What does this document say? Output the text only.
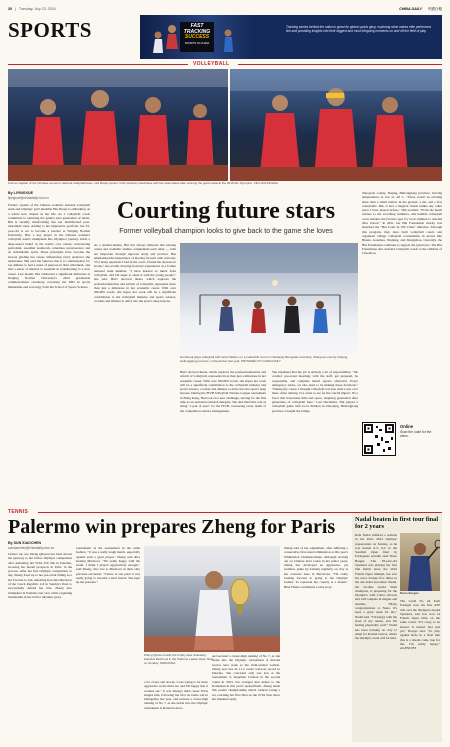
20 | Tuesday, July 23, 2024	CHINA DAILY 中國日報
SPORTS	FAST
TRACKING
SUCCESS
SPORTS IN CHINA
Tracking stories behind the nation's quest for global sports glory, exploring what makes elite performers tick and providing insights into their biggest and most intriguing moments on and off the field of play.
VOLLEYBALL
Former captain of the Chinese women's national volleyball team, Hui Ruoqi (center, both pictures) celebrates with her teammates after winning the gold medal at the 2016 Rio Olympics. XIN HUA/XINHUA
By LIYINGXUE
liyingxue@chinadaily.com.cn	Courting future stars
Former volleyball champion looks to give back to the game she loves
Former captain of the Chinese women's national volleyball team and Olympic gold medalist Hui Ruoqi is embarking on a whole new chapter in her life. As a volleyball coach committed to nurturing the game's next generation of talent, Hui is steadily transforming into her multifaceted post-retirement roles. Adding to her impressive portfolio, the 33-year-old is set to become a teacher at Nanjing Normal University. Hui, a key player in the Chinese women's volleyball team's triumphant Rio Olympics journey, holds a deep-seated belief in the team's core values: unwavering patriotism, steadfast teamwork, relentless perseverance and an indomitable spirit. These principles have become the beacon guiding her career, influencing every endeavor she undertakes. Hui said she believes that it is commonplace for top athletes to feel a sense of purpose in their retirement, and that a sense of mission is essential in transitioning to a new career. Last month, Hui celebrated a significant milestone at Nanjing Normal University's 2024 graduation commencement ceremony, receiving her PhD in sports humanities and sociology from the School of Sports Science.
As a student-athlete, Hui has always believed that sharing career and academic studies complement each other — both are important through rigorous study and practice. Hui emphasized the importance of moving forward with curiosity. "For many questions I had in the court, I found the answers in books," she recalls, drawing from her experiences as a former national team member. "I have learned so much from volleyball, and I'm eager to share it with the young people," she said. Hui's doctoral thesis, which explores the professionalization and reform of volleyball, represents more than just a milestone in her academic career. With over 200,000 words, she hopes her work will be a significant contribution to the volleyball industry and sports science, coaches and athletes to delve into the sport's deep lessons.
Hui Ruoqi plays volleyball with local children on a makeshift court in Chaoliang Mongolian township, Zhaoyuan county, Daqing, Heilongjiang province, in December last year. PROVIDED TO CHINA DAILY
Hui's doctoral thesis, which explores the professionalization and reform of volleyball, represents more than just a milestone in her academic career. With over 200,000 words, she hopes her work will be a significant contribution to the volleyball industry and sports science, coaches and athletes to delve into the sport's deep lessons. During the FIVB Volleyball Nations League tournament in Hong Kong, Hui took on a new challenge, serving for the first time as an assistant technical delegate. She described this role as being "a pair of eyes" for the FIVB, overseeing every detail of the competition venue's management.
She explained that the job is entirely a lot of responsibility. "We conduct pre-event meetings with the staff, get prepared, be responsible, and complete match reports afterward. Every emergency arises, we also need to be making these decisions." "During my career, I thought volleyball was just what I saw over there. After retiring, I've come to see for the crucial impact. It's a favor that transcends time and space, inspiring generation after generation of volleyball fans." Last December, Hui played a volleyball game with local children in Zhaoqing, Heilongjiang province, brought the bridge.
Zhaoyuan county, Daqing, Heilongjiang province, braving temperatures as low as -20 C. "There wasn't an exciting more than a small hollow in the ground, a net, and a few volleyballs. But, it had a magical charm unlike any other place I have played before," Hui recalled. "From the harsh winters to the scorching summers, this humble volleyball court remains the favorite spot for local children to unwind after school." In 2021, her Hui Foundation charity was launched the "Hui Court in 100 Cities" initiative. Through this program, they have built volleyball courts and organized village volleyball tournaments in places like Hunan, Ganzhou, Xinjiang, and Zhengzhou. Currently, the Hui Foundation continues to support the grassroots. The Hui Foundation also donated volleyball courts to the children of Chaozhou.
Online
Scan the code for the video.
TENNIS
Palermo win prepares Zheng for Paris
By SUN XIAOCHEN
sunxiaochen@chinadaily.com.cn
China's top ace Zheng Qinwen has been shown the gateway to her fellow Olympic competition after defending her WTA 250 title in Palermo, boosting her medal prospects in Paris, in the process. After her first Olympic competition so day, Zheng lived up to her pre-event billing as a hot favorite to win, defeating Karolina Muchova of the Czech Republic 2-6 in Sunday's final to successfully defend her title. Zheng also triumphed in Palermo last year while regaining momentum in her bid for Olympic glory.
tournament as the tournament in the same fashion. "It was a really tough match, especially against such a great player," Zheng said after beating Muchova. "I'm really happy with the result. I think I played aggressively enough," said Zheng, who lost to Muchova in their only previous encounter. "I knew at one point it was really going to become a hard match. She kept up the pressure."
Zheng Qinwen holds the trophy after defeating Karolina Muchova in the Palermo Ladies Open final on Sunday. SIPA/ANSA
a lot of ups and downs. I was trying to be more aggressive in the third set, and I'm happy that it worked out." It was Zheng's third career WTA singles title, following her first on home soil in Zhengzhou last year, and secured a career-high ranking of No 7, as she heads into the Olympic tournament at Roland Garros.
and secured a career-high ranking of No 7, as she heads into the Olympic tournament at Roland Garros next week as the sixth-seeded woman. Zheng now has an 11-2 career win-loss record in Palermo. She conceded only one loss at the tournament to Jaqueline Cristian in the second round in 2023, but avenged that defeat to the Romanian in this year's quarterfinals. Zheng made this week's championship match without losing a set, reaching her first final on the WTA Tour since her maiden trophy.
Zheng said of her adjustment, after suffering a consecutive first-round elimination at this year's Wimbledon Championships. Although starting out on Chinese hard courts in her junior years, Zheng has developed an aggressive, yet resilient, game by training regularly on clay at her overseas base in Barcelona. "I'm really looking forward to going to the Olympic Games. To represent my country is a dream." Blue Flame contributed to this story.
Nadal beaten in first tour final for 2 years
Rafa Nadal suffered a setback in his Paris 2024 Olympic preparations on Sunday, as he was beaten 6-3, 6-2 in the Swedish Open final by Portuguese seventh seed Nuno Borges. The 38-year-old Spaniard was playing his first title match since the 2022 French Open triumph, but saw his serve broken five times in the one-sided encounter. Nadal, the 22-time Grand Slam champion, is preparing for the Olympics with Carlos Alcaraz and will compete in singles and doubles. "Many congratulations to Nuno. It's been a great week for me," Nadal said. "I'm happy with the level of my tennis, and I'm feeling physically well." Nadal has been training on clay to adapt for Roland Garros, where the Olympic event will be held.
Nuno Borges
The world No 44 from Portugal won his first ATP title over the Olympics-bound Spaniard, who has won 14 French Open titles on the same courts. "It's crazy, to be honest. It doesn't feel real yet," Borges said. "To play against Rafa in a final like this is a dream come true for me. I'm really happy." AGENCIES
